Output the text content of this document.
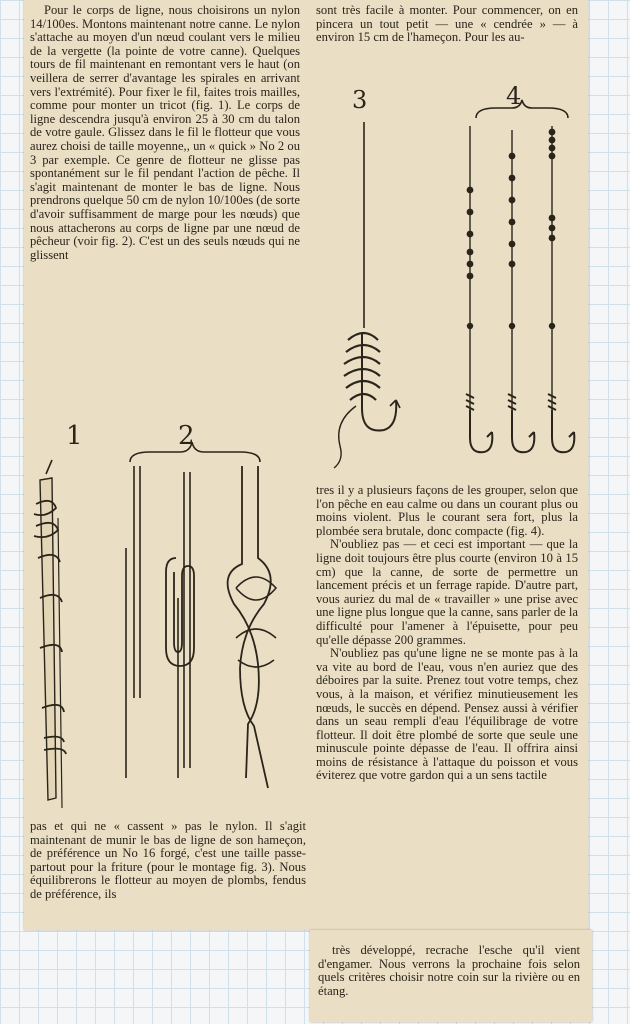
Pour le corps de ligne, nous choisirons un nylon 14/100es. Montons maintenant notre canne. Le nylon s'attache au moyen d'un nœud coulant vers le milieu de la vergette (la pointe de votre canne). Quelques tours de fil maintenant en remontant vers le haut (on veillera de serrer d'avantage les spirales en arrivant vers l'extrémité). Pour fixer le fil, faites trois mailles, comme pour monter un tricot (fig. 1). Le corps de ligne descendra jusqu'à environ 25 à 30 cm du talon de votre gaule. Glissez dans le fil le flotteur que vous aurez choisi de taille moyenne,, un « quick » No 2 ou 3 par exemple. Ce genre de flotteur ne glisse pas spontanément sur le fil pendant l'action de pêche. Il s'agit maintenant de monter le bas de ligne. Nous prendrons quelque 50 cm de nylon 10/100es (de sorte d'avoir suffisamment de marge pour les nœuds) que nous attacherons au corps de ligne par une nœud de pêcheur (voir fig. 2). C'est un des seuls nœuds qui ne glissent

sont très facile à monter. Pour commencer, on en pincera un tout petit — une « cendrée » — à environ 15 cm de l'hameçon. Pour les au-

pas et qui ne « cassent » pas le nylon. Il s'agit maintenant de munir le bas de ligne de son hameçon, de préférence un No 16 forgé, c'est une taille passe-partout pour la friture (pour le montage fig. 3). Nous équilibrerons le flotteur au moyen de plombs, fendus de préférence, ils

tres il y a plusieurs façons de les grouper, selon que l'on pêche en eau calme ou dans un courant plus ou moins violent. Plus le courant sera fort, plus la plombée sera brutale, donc compacte (fig. 4).

N'oubliez pas — et ceci est important — que la ligne doit toujours être plus courte (environ 10 à 15 cm) que la canne, de sorte de permettre un lancement précis et un ferrage rapide. D'autre part, vous auriez du mal de « travailler » une prise avec une ligne plus longue que la canne, sans parler de la difficulté pour l'amener à l'épuisette, pour peu qu'elle dépasse 200 grammes.

N'oubliez pas qu'une ligne ne se monte pas à la va vite au bord de l'eau, vous n'en auriez que des déboires par la suite. Prenez tout votre temps, chez vous, à la maison, et vérifiez minutieusement les nœuds, le succès en dépend. Pensez aussi à vérifier dans un seau rempli d'eau l'équilibrage de votre flotteur. Il doit être plombé de sorte que seule une minuscule pointe dépasse de l'eau. Il offrira ainsi moins de résistance à l'attaque du poisson et vous éviterez que votre gardon qui a un sens tactile

très développé, recrache l'esche qu'il vient d'engamer. Nous verrons la prochaine fois selon quels critères choisir notre coin sur la rivière ou en étang.

3	4
1	2
